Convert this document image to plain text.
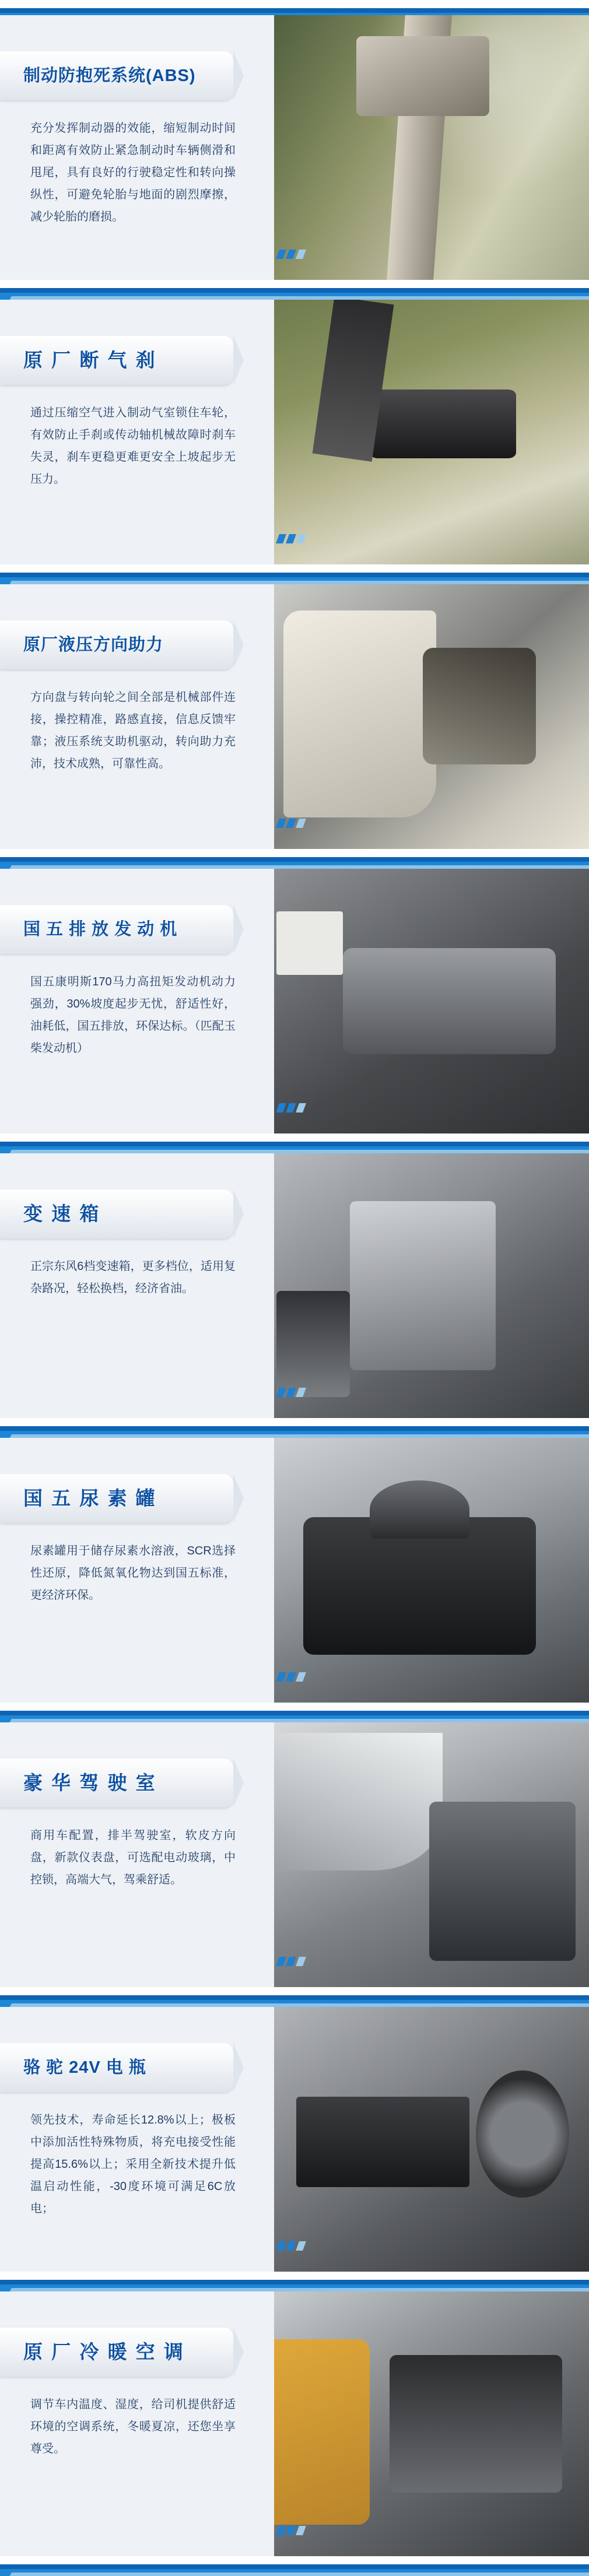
制动防抱死系统(ABS)
充分发挥制动器的效能，缩短制动时间和距离有效防止紧急制动时车辆侧滑和甩尾，具有良好的行驶稳定性和转向操纵性，可避免轮胎与地面的剧烈摩擦，减少轮胎的磨损。
原 厂 断 气 刹
通过压缩空气进入制动气室锁住车轮，有效防止手刹或传动轴机械故障时刹车失灵，刹车更稳更难更安全上坡起步无压力。
原厂液压方向助力
方向盘与转向轮之间全部是机械部件连接，操控精准，路感直接，信息反馈牢靠；液压系统支助机驱动，转向助力充沛，技术成熟，可靠性高。
国 五 排 放 发 动 机
国五康明斯170马力高扭矩发动机动力强劲，30%坡度起步无忧，舒适性好，油耗低，国五排放，环保达标。（匹配玉柴发动机）
变 速 箱
正宗东风6档变速箱，更多档位，适用复杂路况，轻松换档，经济省油。
国 五 尿 素 罐
尿素罐用于储存尿素水溶液，SCR选择性还原，降低氮氧化物达到国五标准，更经济环保。
豪 华 驾 驶 室
商用车配置，排半驾驶室，软皮方向盘，新款仪表盘，可选配电动玻璃，中控锁，高端大气，驾乘舒适。
骆 驼 24V 电 瓶
领先技术，寿命延长12.8%以上；极板中添加活性特殊物质，将充电接受性能提高15.6%以上；采用全新技术提升低温启动性能，-30度环境可满足6C放电；
原 厂 冷 暖 空 调
调节车内温度、湿度，给司机提供舒适环境的空调系统，冬暖夏凉，还您坐享尊受。
